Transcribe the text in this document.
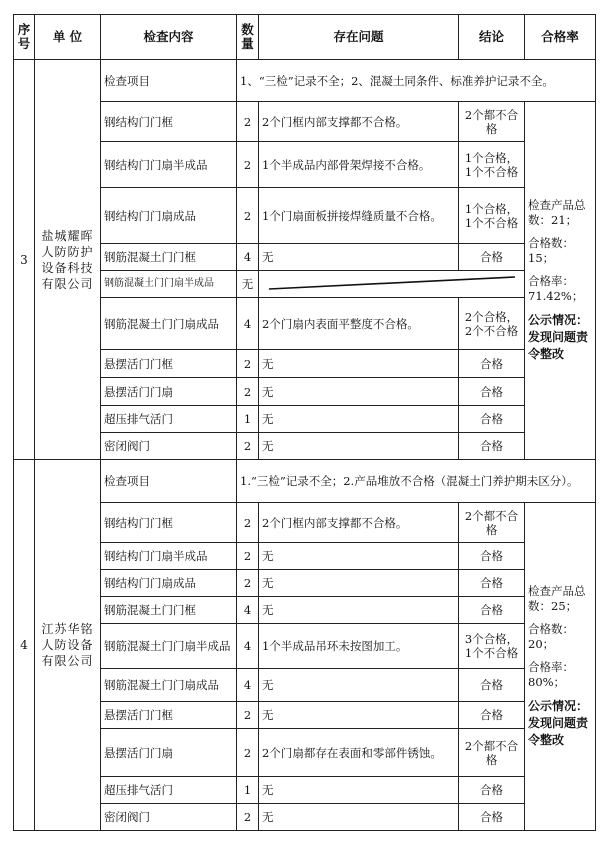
序号	单 位	检查内容	数量	存在问题	结论	合格率
3	盐城耀晖人防防护设备科技有限公司	检查项目	1、“三检”记录不全；2、混凝土同条件、标准养护记录不全。			
		钢结构门门框	2	2个门框内部支撑都不合格。	2个都不合格	检查产品总数：21；
合格数：15；
合格率：71.42%；
公示情况：发现问题责令整改

		钢结构门门扇半成品	2	1个半成品内部骨架焊接不合格。	1个合格，1个不合格	
		钢结构门门扇成品	2	1个门扇面板拼接焊缝质量不合格。	1个合格，1个不合格	
		钢筋混凝土门门框	4	无	合格	
		钢筋混凝土门门扇半成品	无	

		钢筋混凝土门门扇成品	4	2个门扇内表面平整度不合格。	2个合格，2个不合格	
		悬摆活门门框	2	无	合格	
		悬摆活门门扇	2	无	合格	
		超压排气活门	1	无	合格	
		密闭阀门	2	无	合格	
4	江苏华铭人防设备有限公司	检查项目	1.“三检”记录不全；2.产品堆放不合格（混凝土门养护期未区分）。			
		钢结构门门框	2	2个门框内部支撑都不合格。	2个都不合格	检查产品总数：25；
合格数：20；
合格率：80%；
公示情况：发现问题责令整改

		钢结构门门扇半成品	2	无	合格	
		钢结构门门扇成品	2	无	合格	
		钢筋混凝土门门框	4	无	合格	
		钢筋混凝土门门扇半成品	4	1个半成品吊环未按图加工。	3个合格，1个不合格	
		钢筋混凝土门门扇成品	4	无	合格	
		悬摆活门门框	2	无	合格	
		悬摆活门门扇	2	2个门扇都存在表面和零部件锈蚀。	2个都不合格	
		超压排气活门	1	无	合格	
		密闭阀门	2	无	合格	
